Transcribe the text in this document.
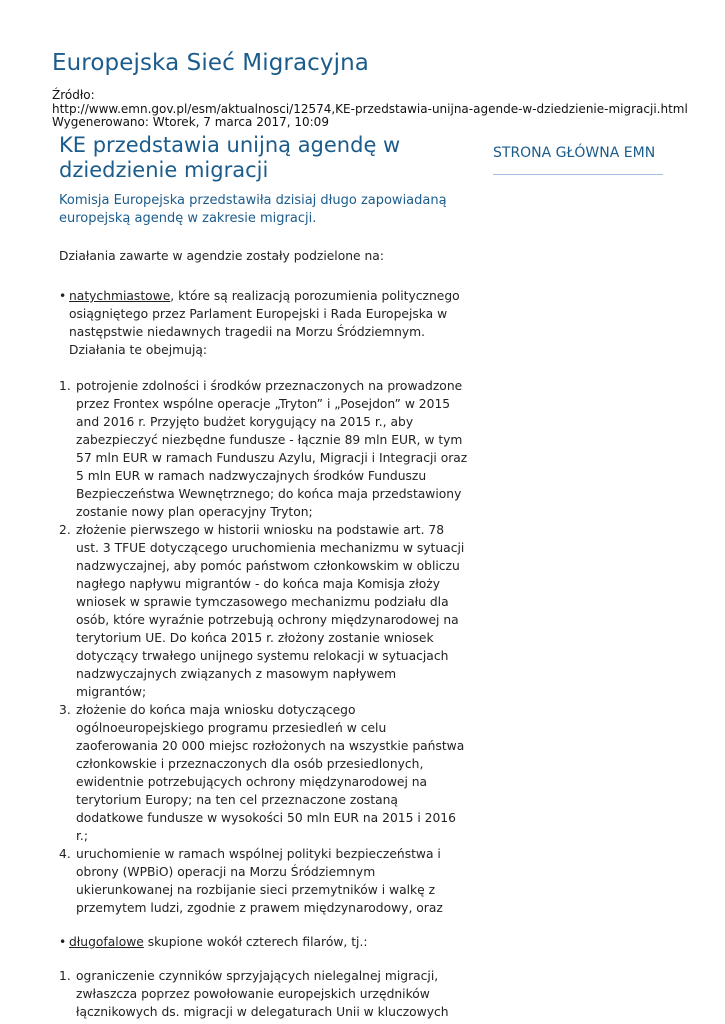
Europejska Sieć Migracyjna
Źródło:
http://www.emn.gov.pl/esm/aktualnosci/12574,KE-przedstawia-unijna-agende-w-dziedzienie-migracji.html
Wygenerowano: Wtorek, 7 marca 2017, 10:09
KE przedstawia unijną agendę w dziedzienie migracji
STRONA GŁÓWNA EMN

Komisja Europejska przedstawiła dzisiaj długo zapowiadaną europejską agendę w zakresie migracji.

Działania zawarte w agendzie zostały podzielone na:

• natychmiastowe, które są realizacją porozumienia politycznego osiągniętego przez Parlament Europejski i Rada Europejska w następstwie niedawnych tragedii na Morzu Śródziemnym. Działania te obejmują:
1. potrojenie zdolności i środków przeznaczonych na prowadzone przez Frontex wspólne operacje „Tryton” i „Posejdon” w 2015 and 2016 r. Przyjęto budżet korygujący na 2015 r., aby zabezpieczyć niezbędne fundusze - łącznie 89 mln EUR, w tym 57 mln EUR w ramach Funduszu Azylu, Migracji i Integracji oraz 5 mln EUR w ramach nadzwyczajnych środków Funduszu Bezpieczeństwa Wewnętrznego; do końca maja przedstawiony zostanie nowy plan operacyjny Tryton;
2. złożenie pierwszego w historii wniosku na podstawie art. 78 ust. 3 TFUE dotyczącego uruchomienia mechanizmu w sytuacji nadzwyczajnej, aby pomóc państwom członkowskim w obliczu nagłego napływu migrantów - do końca maja Komisja złoży wniosek w sprawie tymczasowego mechanizmu podziału dla osób, które wyraźnie potrzebują ochrony międzynarodowej na terytorium UE. Do końca 2015 r. złożony zostanie wniosek dotyczący trwałego unijnego systemu relokacji w sytuacjach nadzwyczajnych związanych z masowym napływem migrantów;
3. złożenie do końca maja wniosku dotyczącego ogólnoeuropejskiego programu przesiedleń w celu zaoferowania 20 000 miejsc rozłożonych na wszystkie państwa członkowskie i przeznaczonych dla osób przesiedlonych, ewidentnie potrzebujących ochrony międzynarodowej na terytorium Europy; na ten cel przeznaczone zostaną dodatkowe fundusze w wysokości 50 mln EUR na 2015 i 2016 r.;
4. uruchomienie w ramach wspólnej polityki bezpieczeństwa i obrony (WPBiO) operacji na Morzu Śródziemnym ukierunkowanej na rozbijanie sieci przemytników i walkę z przemytem ludzi, zgodnie z prawem międzynarodowy, oraz
• długofalowe skupione wokół czterech filarów, tj.:
1. ograniczenie czynników sprzyjających nielegalnej migracji, zwłaszcza poprzez powołowanie europejskich urzędników łącznikowych ds. migracji w delegaturach Unii w kluczowych
